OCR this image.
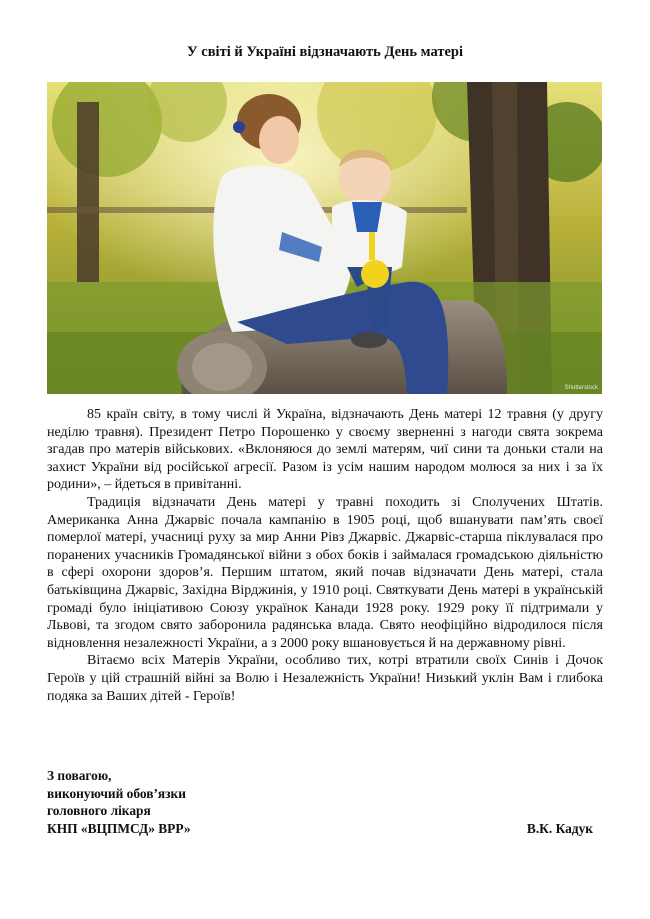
У світі й Україні відзначають День матері
Shutterstock

85 країн світу, в тому числі й Україна, відзначають День матері 12 травня (у другу неділю травня). Президент Петро Порошенко у своєму зверненні з нагоди свята зокрема згадав про матерів військових. «Вклоняюся до землі матерям, чиї сини та доньки стали на захист України від російської агресії. Разом із усім нашим народом молюся за них і за їх родини», – йдеться в привітанні.

Традиція відзначати День матері у травні походить зі Сполучених Штатів. Американка Анна Джарвіс почала кампанію в 1905 році, щоб вшанувати пам’ять своєї померлої матері, учасниці руху за мир Анни Рівз Джарвіс. Джарвіс-старша піклувалася про поранених учасників Громадянської війни з обох боків і займалася громадською діяльністю в сфері охорони здоров’я. Першим штатом, який почав відзначати День матері, стала батьківщина Джарвіс, Західна Вірджинія, у 1910 році. Святкувати День матері в українській громаді було ініціативою Союзу українок Канади 1928 року. 1929 року її підтримали у Львові, та згодом свято заборонила радянська влада. Свято неофіційно відродилося після відновлення незалежності України, а з 2000 року вшановується й на державному рівні.

Вітаємо всіх Матерів України, особливо тих, котрі втратили своїх Синів і Дочок Героїв у цій страшній війні за Волю і Незалежність України! Низький уклін Вам і глибока подяка за Ваших дітей - Героїв!

З повагою,
виконуючий обов’язки
головного лікаря
КНП «ВЦПМСД» ВРР»	В.К. Кадук
